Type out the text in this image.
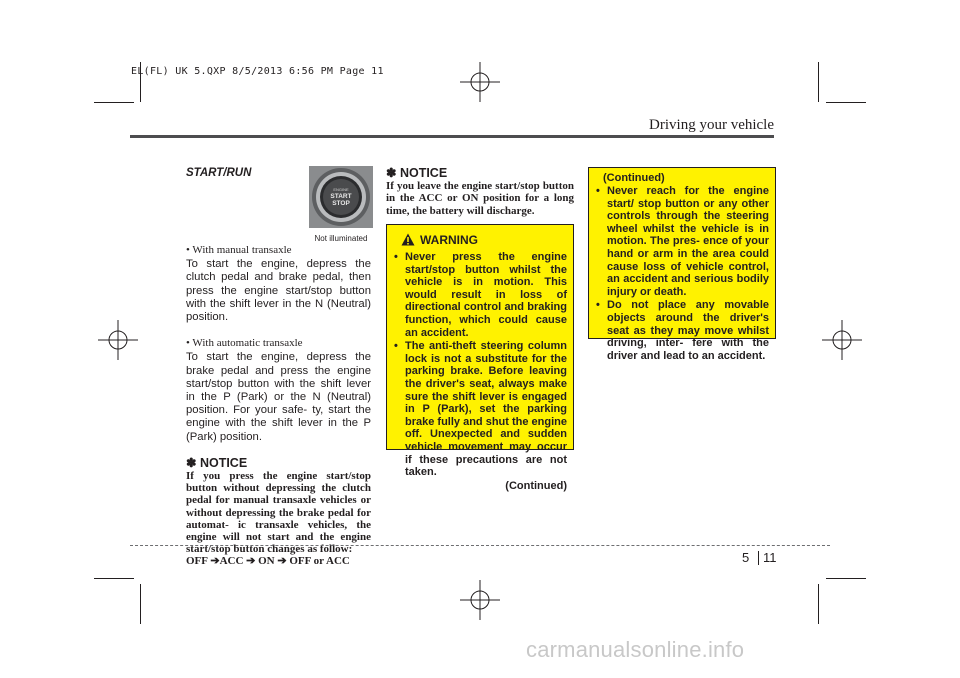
EL(FL) UK 5.QXP 8/5/2013 6:56 PM Page 11
Driving your vehicle

START/RUN

ENGINE
START
STOP
Not illuminated

• With manual transaxle

To start the engine, depress the clutch pedal and brake pedal, then press the engine start/stop button with the shift lever in the N (Neutral) position.

• With automatic transaxle

To start the engine, depress the brake pedal and press the engine start/stop button with the shift lever in the P (Park) or the N (Neutral) position. For your safe- ty, start the engine with the shift lever in the P (Park) position.

✽ NOTICE

If you press the engine start/stop button without depressing the clutch pedal for manual transaxle vehicles or without depressing the brake pedal for automat- ic transaxle vehicles, the engine will not start and the engine start/stop button changes as follow:

OFF ➔ACC ➔ ON ➔ OFF or ACC

✽ NOTICE

If you leave the engine start/stop button in the ACC or ON position for a long time, the battery will discharge.

WARNING
• Never press the engine start/stop button whilst the vehicle is in motion. This would result in loss of directional control and braking function, which could cause an accident.
• The anti-theft steering column lock is not a substitute for the parking brake. Before leaving the driver's seat, always make sure the shift lever is engaged in P (Park), set the parking brake fully and shut the engine off. Unexpected and sudden vehicle movement may occur if these precautions are not taken.
(Continued)
(Continued)
• Never reach for the engine start/ stop button or any other controls through the steering wheel whilst the vehicle is in motion. The pres- ence of your hand or arm in the area could cause loss of vehicle control, an accident and serious bodily injury or death.
• Do not place any movable objects around the driver's seat as they may move whilst driving, inter- fere with the driver and lead to an accident.
5 11
carmanualsonline.info
